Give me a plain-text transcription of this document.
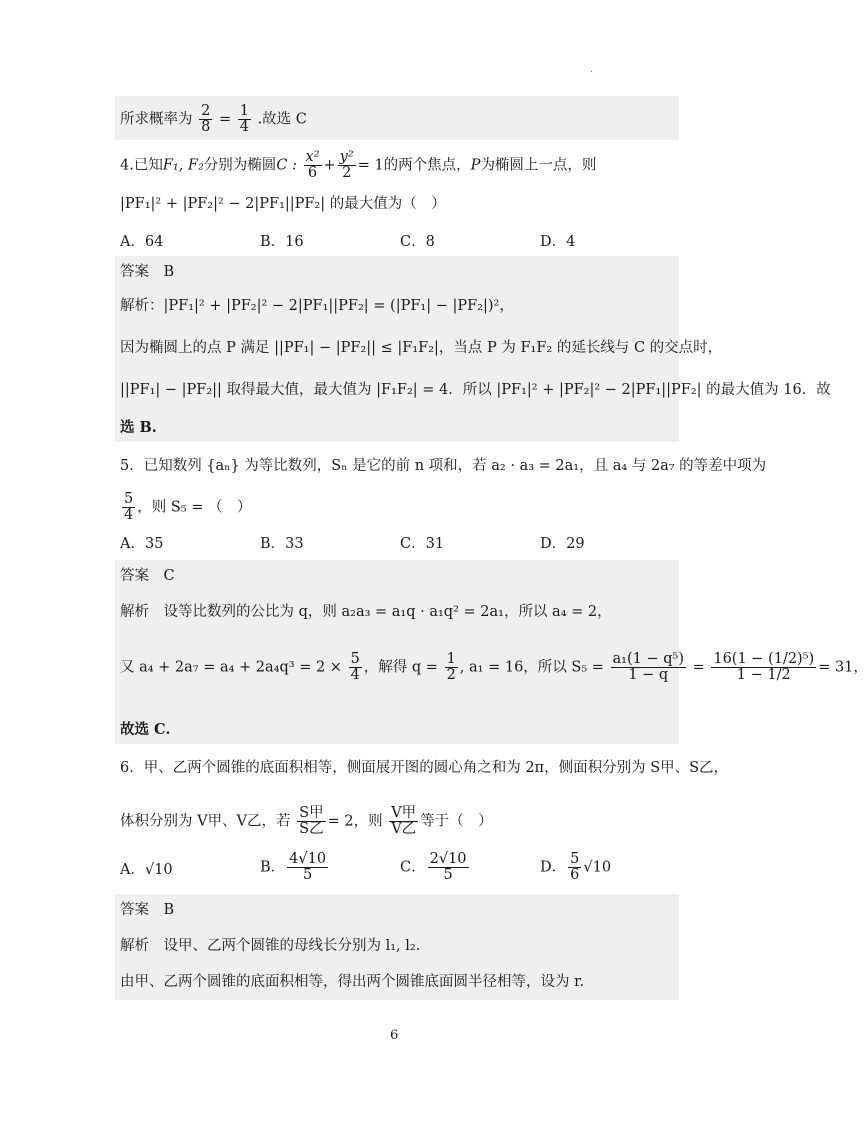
.
所求概率为 $\frac{2}{8} = \frac{1}{4}$ .故选 C
4.已知F₁, F₂分别为椭圆C : $\frac{\text{x²}}{6} + \frac{\text{y²}}{2} = 1$的两个焦点，P为椭圆上一点，则
|PF₁|² + |PF₂|² − 2|PF₁||PF₂| 的最大值为（　）
A．64	B．16	C．8	D．4
答案　B
解析：|PF₁|² + |PF₂|² − 2|PF₁||PF₂| = (|PF₁| − |PF₂|)²，
因为椭圆上的点 P 满足 ||PF₁| − |PF₂|| ≤ |F₁F₂|，当点 P 为 F₁F₂ 的延长线与 C 的交点时，
||PF₁| − |PF₂|| 取得最大值，最大值为 |F₁F₂| = 4．所以 |PF₁|² + |PF₂|² − 2|PF₁||PF₂| 的最大值为 16．故
选 B.
5．已知数列 {aₙ} 为等比数列，Sₙ 是它的前 n 项和，若 a₂ · a₃ = 2a₁，且 a₄ 与 2a₇ 的等差中项为
$\frac{5}{4}$ ，则 S₅ = （　）
A．35	B．33	C．31	D．29
答案　C
解析　设等比数列的公比为 q，则 a₂a₃ = a₁q · a₁q² = 2a₁，所以 a₄ = 2，
又 $a_4 + 2a_7 = a_4 + 2a_4q^3 = 2 \times \frac{5}{4}$ ，解得 $q = \frac{1}{2}$ , a₁ = 16，所以 $S_5 = \frac{\text{a₁(1 − q⁵)}}{1 - q} = \frac{\text{16(1 − (1/2)⁵)}}{1 - 1/2} = 31$，
故选 C.
6．甲、乙两个圆锥的底面积相等，侧面展开图的圆心角之和为 2π，侧面积分别为 S甲、S乙，
体积分别为 V甲、V乙，若 $\frac{\text{S甲}}{\text{S乙}} = 2$，则 $\frac{\text{V甲}}{\text{V乙}}$ 等于（　）
A．√10	B． $\frac{4√10}{5}$	C． $\frac{2√10}{5}$	D． $\frac{5}{6} √10$
答案　B
解析　设甲、乙两个圆锥的母线长分别为 l₁, l₂.
由甲、乙两个圆锥的底面积相等，得出两个圆锥底面圆半径相等，设为 r.
6
